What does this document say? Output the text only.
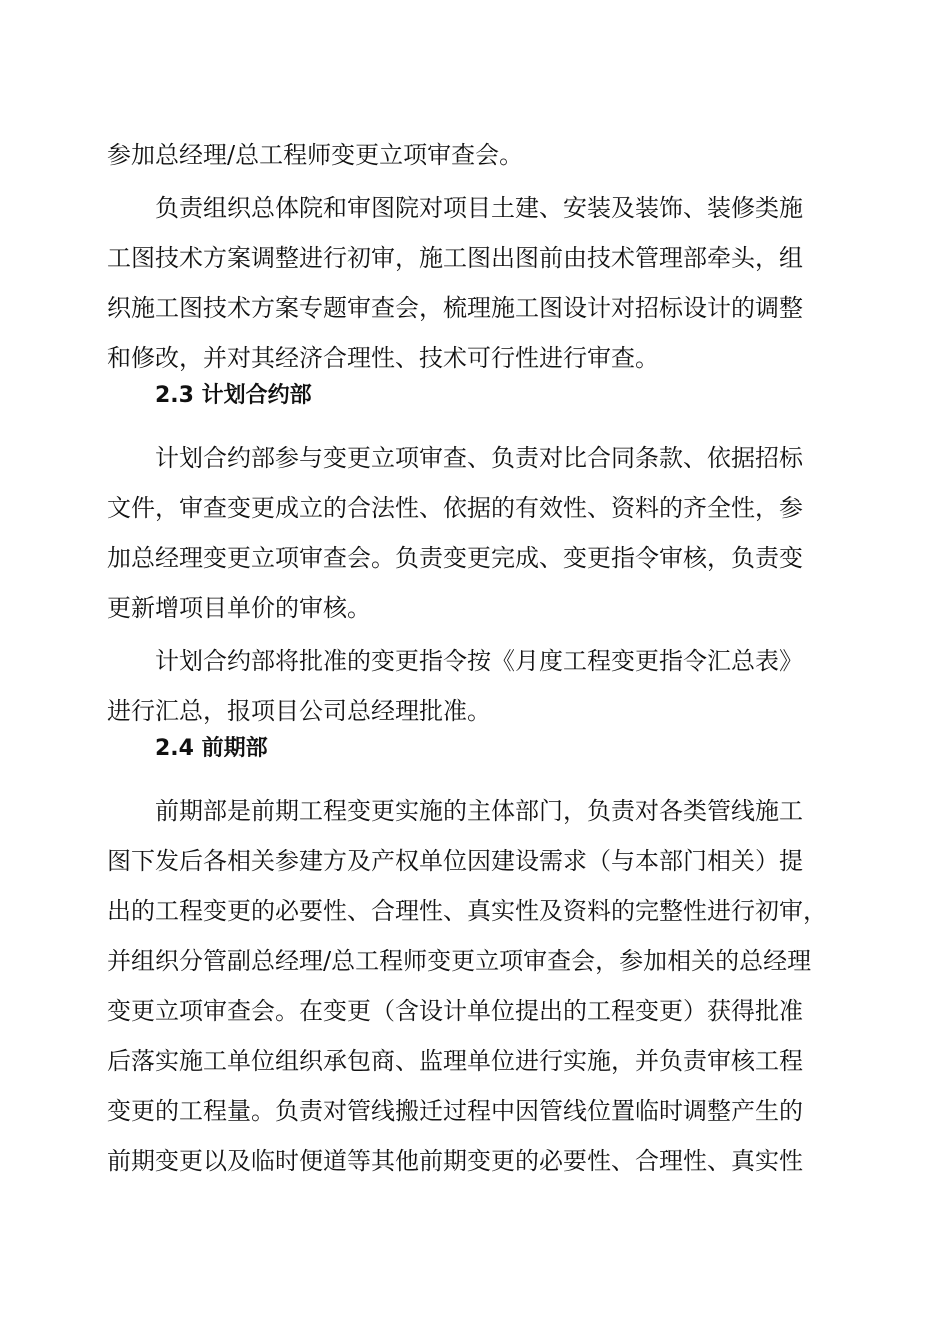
参加总经理/总工程师变更立项审查会。
负责组织总体院和审图院对项目土建、安装及装饰、装修类施
工图技术方案调整进行初审，施工图出图前由技术管理部牵头，组
织施工图技术方案专题审查会，梳理施工图设计对招标设计的调整
和修改，并对其经济合理性、技术可行性进行审查。
2.3 计划合约部
计划合约部参与变更立项审查、负责对比合同条款、依据招标
文件，审查变更成立的合法性、依据的有效性、资料的齐全性，参
加总经理变更立项审查会。负责变更完成、变更指令审核，负责变
更新增项目单价的审核。
计划合约部将批准的变更指令按《月度工程变更指令汇总表》
进行汇总，报项目公司总经理批准。
2.4 前期部
前期部是前期工程变更实施的主体部门，负责对各类管线施工
图下发后各相关参建方及产权单位因建设需求（与本部门相关）提
出的工程变更的必要性、合理性、真实性及资料的完整性进行初审，
并组织分管副总经理/总工程师变更立项审查会，参加相关的总经理
变更立项审查会。在变更（含设计单位提出的工程变更）获得批准
后落实施工单位组织承包商、监理单位进行实施，并负责审核工程
变更的工程量。负责对管线搬迁过程中因管线位置临时调整产生的
前期变更以及临时便道等其他前期变更的必要性、合理性、真实性
